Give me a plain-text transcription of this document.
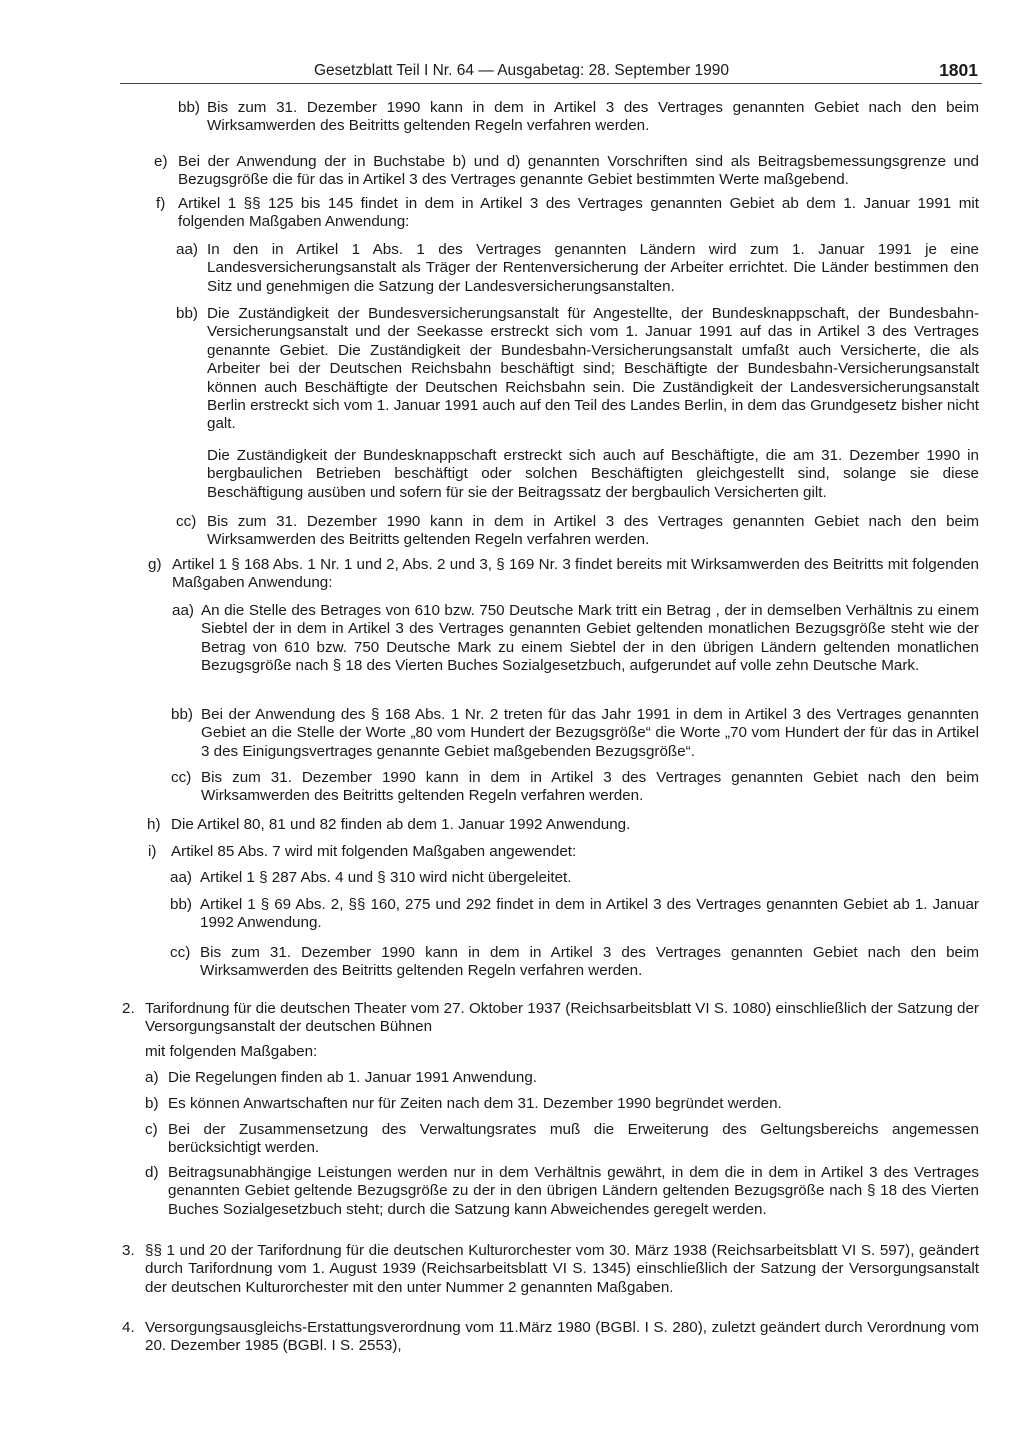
Gesetzblatt Teil I Nr. 64 — Ausgabetag: 28. September 1990	1801
bb) Bis zum 31. Dezember 1990 kann in dem in Artikel 3 des Vertrages genannten Gebiet nach den beim Wirksamwerden des Beitritts geltenden Regeln verfahren werden.
e) Bei der Anwendung der in Buchstabe b) und d) genannten Vorschriften sind als Beitragsbemessungsgrenze und Bezugsgröße die für das in Artikel 3 des Vertrages genannte Gebiet bestimmten Werte maßgebend.
f) Artikel 1 §§ 125 bis 145 findet in dem in Artikel 3 des Vertrages genannten Gebiet ab dem 1. Januar 1991 mit folgenden Maßgaben Anwendung:
aa) In den in Artikel 1 Abs. 1 des Vertrages genannten Ländern wird zum 1. Januar 1991 je eine Landesversicherungsanstalt als Träger der Rentenversicherung der Arbeiter errichtet. Die Länder bestimmen den Sitz und genehmigen die Satzung der Landesversicherungsanstalten.
bb) Die Zuständigkeit der Bundesversicherungsanstalt für Angestellte, der Bundesknappschaft, der Bundesbahn-Versicherungsanstalt und der Seekasse erstreckt sich vom 1. Januar 1991 auf das in Artikel 3 des Vertrages genannte Gebiet. Die Zuständigkeit der Bundesbahn-Versicherungsanstalt umfaßt auch Versicherte, die als Arbeiter bei der Deutschen Reichsbahn beschäftigt sind; Beschäftigte der Bundesbahn-Versicherungsanstalt können auch Beschäftigte der Deutschen Reichsbahn sein. Die Zuständigkeit der Landesversicherungsanstalt Berlin erstreckt sich vom 1. Januar 1991 auch auf den Teil des Landes Berlin, in dem das Grundgesetz bisher nicht galt.
Die Zuständigkeit der Bundesknappschaft erstreckt sich auch auf Beschäftigte, die am 31. Dezember 1990 in bergbaulichen Betrieben beschäftigt oder solchen Beschäftigten gleichgestellt sind, solange sie diese Beschäftigung ausüben und sofern für sie der Beitragssatz der bergbaulich Versicherten gilt.
cc) Bis zum 31. Dezember 1990 kann in dem in Artikel 3 des Vertrages genannten Gebiet nach den beim Wirksamwerden des Beitritts geltenden Regeln verfahren werden.
g) Artikel 1 § 168 Abs. 1 Nr. 1 und 2, Abs. 2 und 3, § 169 Nr. 3 findet bereits mit Wirksamwerden des Beitritts mit folgenden Maßgaben Anwendung:
aa) An die Stelle des Betrages von 610 bzw. 750 Deutsche Mark tritt ein Betrag , der in demselben Verhältnis zu einem Siebtel der in dem in Artikel 3 des Vertrages genannten Gebiet geltenden monatlichen Bezugsgröße steht wie der Betrag von 610 bzw. 750 Deutsche Mark zu einem Siebtel der in den übrigen Ländern geltenden monatlichen Bezugsgröße nach § 18 des Vierten Buches Sozialgesetzbuch, aufgerundet auf volle zehn Deutsche Mark.
bb) Bei der Anwendung des § 168 Abs. 1 Nr. 2 treten für das Jahr 1991 in dem in Artikel 3 des Vertrages genannten Gebiet an die Stelle der Worte „80 vom Hundert der Bezugsgröße“ die Worte „70 vom Hundert der für das in Artikel 3 des Einigungsvertrages genannte Gebiet maßgebenden Bezugsgröße“.
cc) Bis zum 31. Dezember 1990 kann in dem in Artikel 3 des Vertrages genannten Gebiet nach den beim Wirksamwerden des Beitritts geltenden Regeln verfahren werden.
h) Die Artikel 80, 81 und 82 finden ab dem 1. Januar 1992 Anwendung.
i) Artikel 85 Abs. 7 wird mit folgenden Maßgaben angewendet:
aa) Artikel 1 § 287 Abs. 4 und § 310 wird nicht übergeleitet.
bb) Artikel 1 § 69 Abs. 2, §§ 160, 275 und 292 findet in dem in Artikel 3 des Vertrages genannten Gebiet ab 1. Januar 1992 Anwendung.
cc) Bis zum 31. Dezember 1990 kann in dem in Artikel 3 des Vertrages genannten Gebiet nach den beim Wirksamwerden des Beitritts geltenden Regeln verfahren werden.
2. Tarifordnung für die deutschen Theater vom 27. Oktober 1937 (Reichsarbeitsblatt VI S. 1080) einschließlich der Satzung der Versorgungsanstalt der deutschen Bühnen
mit folgenden Maßgaben:
a) Die Regelungen finden ab 1. Januar 1991 Anwendung.
b) Es können Anwartschaften nur für Zeiten nach dem 31. Dezember 1990 begründet werden.
c) Bei der Zusammensetzung des Verwaltungsrates muß die Erweiterung des Geltungsbereichs angemessen berücksichtigt werden.
d) Beitragsunabhängige Leistungen werden nur in dem Verhältnis gewährt, in dem die in dem in Artikel 3 des Vertrages genannten Gebiet geltende Bezugsgröße zu der in den übrigen Ländern geltenden Bezugsgröße nach § 18 des Vierten Buches Sozialgesetzbuch steht; durch die Satzung kann Abweichendes geregelt werden.
3. §§ 1 und 20 der Tarifordnung für die deutschen Kulturorchester vom 30. März 1938 (Reichsarbeitsblatt VI S. 597), geändert durch Tarifordnung vom 1. August 1939 (Reichsarbeitsblatt VI S. 1345) einschließlich der Satzung der Versorgungsanstalt der deutschen Kulturorchester mit den unter Nummer 2 genannten Maßgaben.
4. Versorgungsausgleichs-Erstattungsverordnung vom 11.März 1980 (BGBl. I S. 280), zuletzt geändert durch Verordnung vom 20. Dezember 1985 (BGBl. I S. 2553),
